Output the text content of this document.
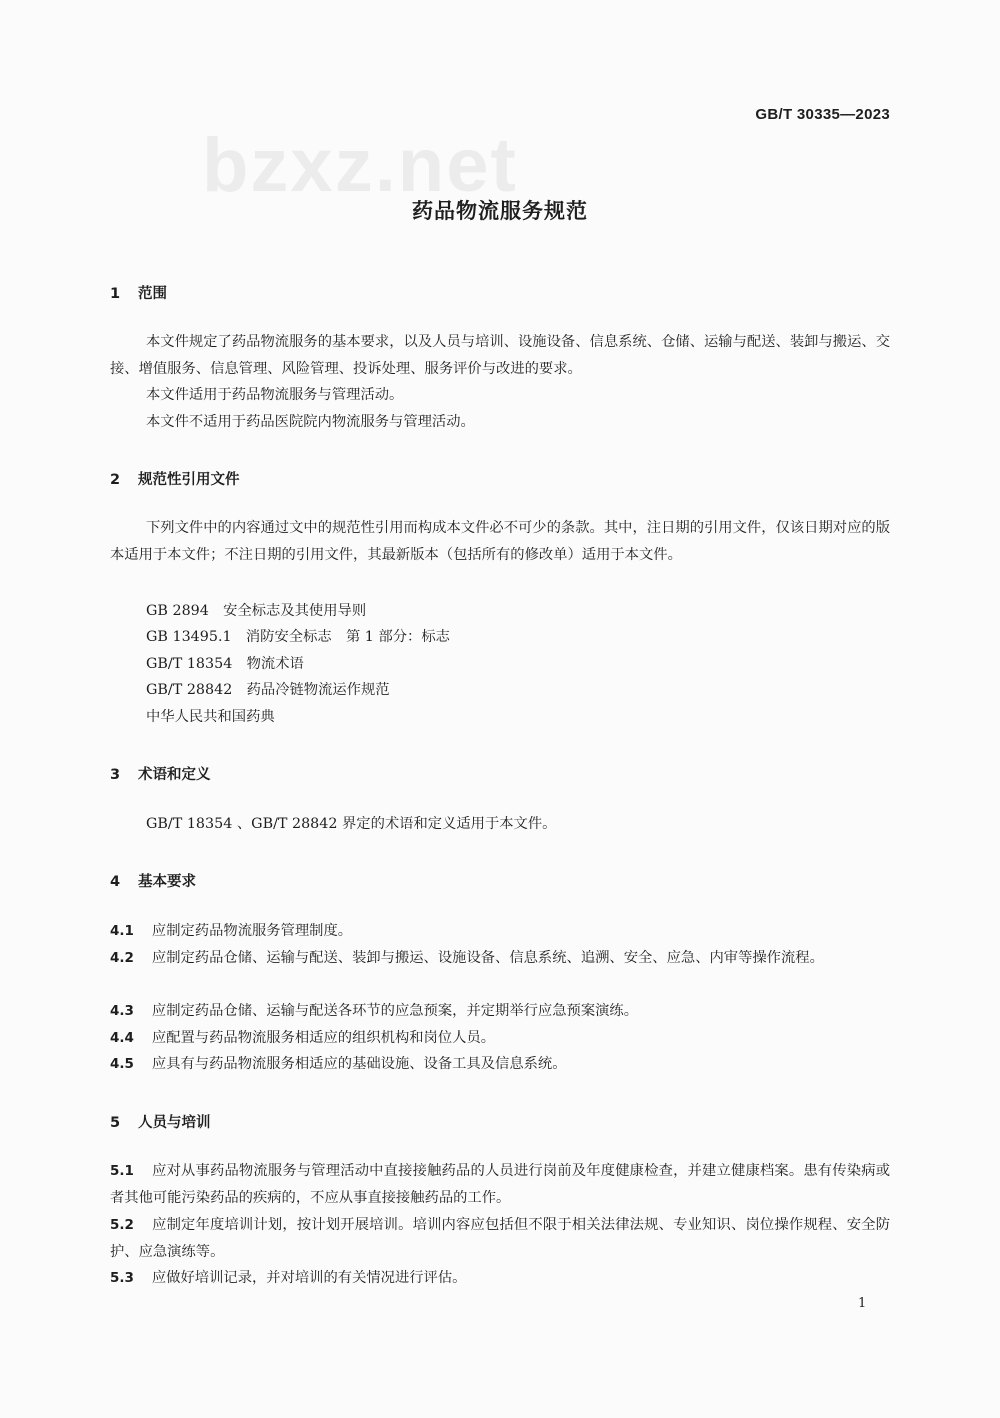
bzxz.net
GB/T 30335—2023
药品物流服务规范
1 范围

本文件规定了药品物流服务的基本要求，以及人员与培训、设施设备、信息系统、仓储、运输与配送、装卸与搬运、交接、增值服务、信息管理、风险管理、投诉处理、服务评价与改进的要求。

本文件适用于药品物流服务与管理活动。

本文件不适用于药品医院院内物流服务与管理活动。

2 规范性引用文件

下列文件中的内容通过文中的规范性引用而构成本文件必不可少的条款。其中，注日期的引用文件，仅该日期对应的版本适用于本文件；不注日期的引用文件，其最新版本（包括所有的修改单）适用于本文件。

GB 2894　安全标志及其使用导则
GB 13495.1　消防安全标志　第 1 部分：标志
GB/T 18354　物流术语
GB/T 28842　药品冷链物流运作规范
中华人民共和国药典
3 术语和定义

GB/T 18354 、GB/T 28842 界定的术语和定义适用于本文件。

4 基本要求

4.1 应制定药品物流服务管理制度。

4.2 应制定药品仓储、运输与配送、装卸与搬运、设施设备、信息系统、追溯、安全、应急、内审等操作流程。

4.3 应制定药品仓储、运输与配送各环节的应急预案，并定期举行应急预案演练。

4.4 应配置与药品物流服务相适应的组织机构和岗位人员。

4.5 应具有与药品物流服务相适应的基础设施、设备工具及信息系统。

5 人员与培训

5.1 应对从事药品物流服务与管理活动中直接接触药品的人员进行岗前及年度健康检查，并建立健康档案。患有传染病或者其他可能污染药品的疾病的，不应从事直接接触药品的工作。

5.2 应制定年度培训计划，按计划开展培训。培训内容应包括但不限于相关法律法规、专业知识、岗位操作规程、安全防护、应急演练等。

5.3 应做好培训记录，并对培训的有关情况进行评估。

1
